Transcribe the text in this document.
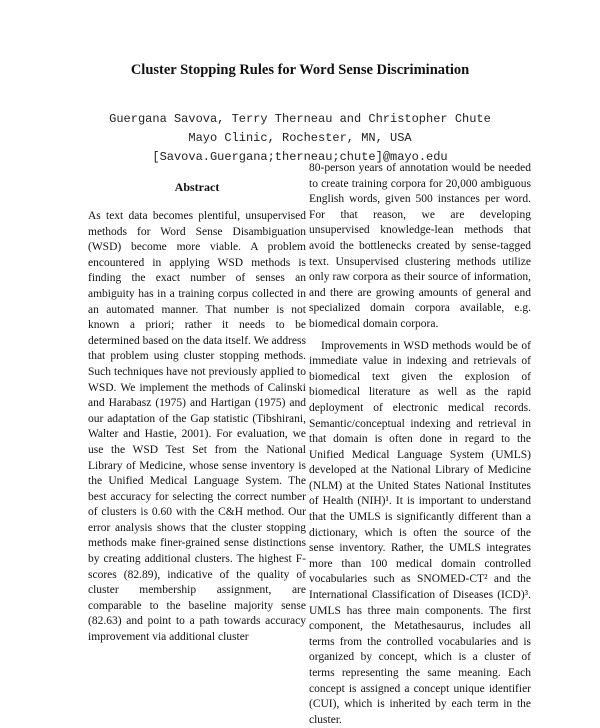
Cluster Stopping Rules for Word Sense Discrimination
Guergana Savova, Terry Therneau and Christopher Chute
Mayo Clinic, Rochester, MN, USA
[Savova.Guergana;therneau;chute]@mayo.edu
Abstract

As text data becomes plentiful, unsupervised methods for Word Sense Disambiguation (WSD) become more viable. A problem encountered in applying WSD methods is finding the exact number of senses an ambiguity has in a training corpus collected in an automated manner. That number is not known a priori; rather it needs to be determined based on the data itself. We address that problem using cluster stopping methods. Such techniques have not previously applied to WSD. We implement the methods of Calinski and Harabasz (1975) and Hartigan (1975) and our adaptation of the Gap statistic (Tibshirani, Walter and Hastie, 2001). For evaluation, we use the WSD Test Set from the National Library of Medicine, whose sense inventory is the Unified Medical Language System. The best accuracy for selecting the correct number of clusters is 0.60 with the C&H method. Our error analysis shows that the cluster stopping methods make finer-grained sense distinctions by creating additional clusters. The highest F-scores (82.89), indicative of the quality of cluster membership assignment, are comparable to the baseline majority sense (82.63) and point to a path towards accuracy improvement via additional cluster

80-person years of annotation would be needed to create training corpora for 20,000 ambiguous English words, given 500 instances per word. For that reason, we are developing unsupervised knowledge-lean methods that avoid the bottlenecks created by sense-tagged text. Unsupervised clustering methods utilize only raw corpora as their source of information, and there are growing amounts of general and specialized domain corpora available, e.g. biomedical domain corpora.

Improvements in WSD methods would be of immediate value in indexing and retrievals of biomedical text given the explosion of biomedical literature as well as the rapid deployment of electronic medical records. Semantic/conceptual indexing and retrieval in that domain is often done in regard to the Unified Medical Language System (UMLS) developed at the National Library of Medicine (NLM) at the United States National Institutes of Health (NIH)¹. It is important to understand that the UMLS is significantly different than a dictionary, which is often the source of the sense inventory. Rather, the UMLS integrates more than 100 medical domain controlled vocabularies such as SNOMED-CT² and the International Classification of Diseases (ICD)³. UMLS has three main components. The first component, the Metathesaurus, includes all terms from the controlled vocabularies and is organized by concept, which is a cluster of terms representing the same meaning. Each concept is assigned a concept unique identifier (CUI), which is inherited by each term in the cluster.
